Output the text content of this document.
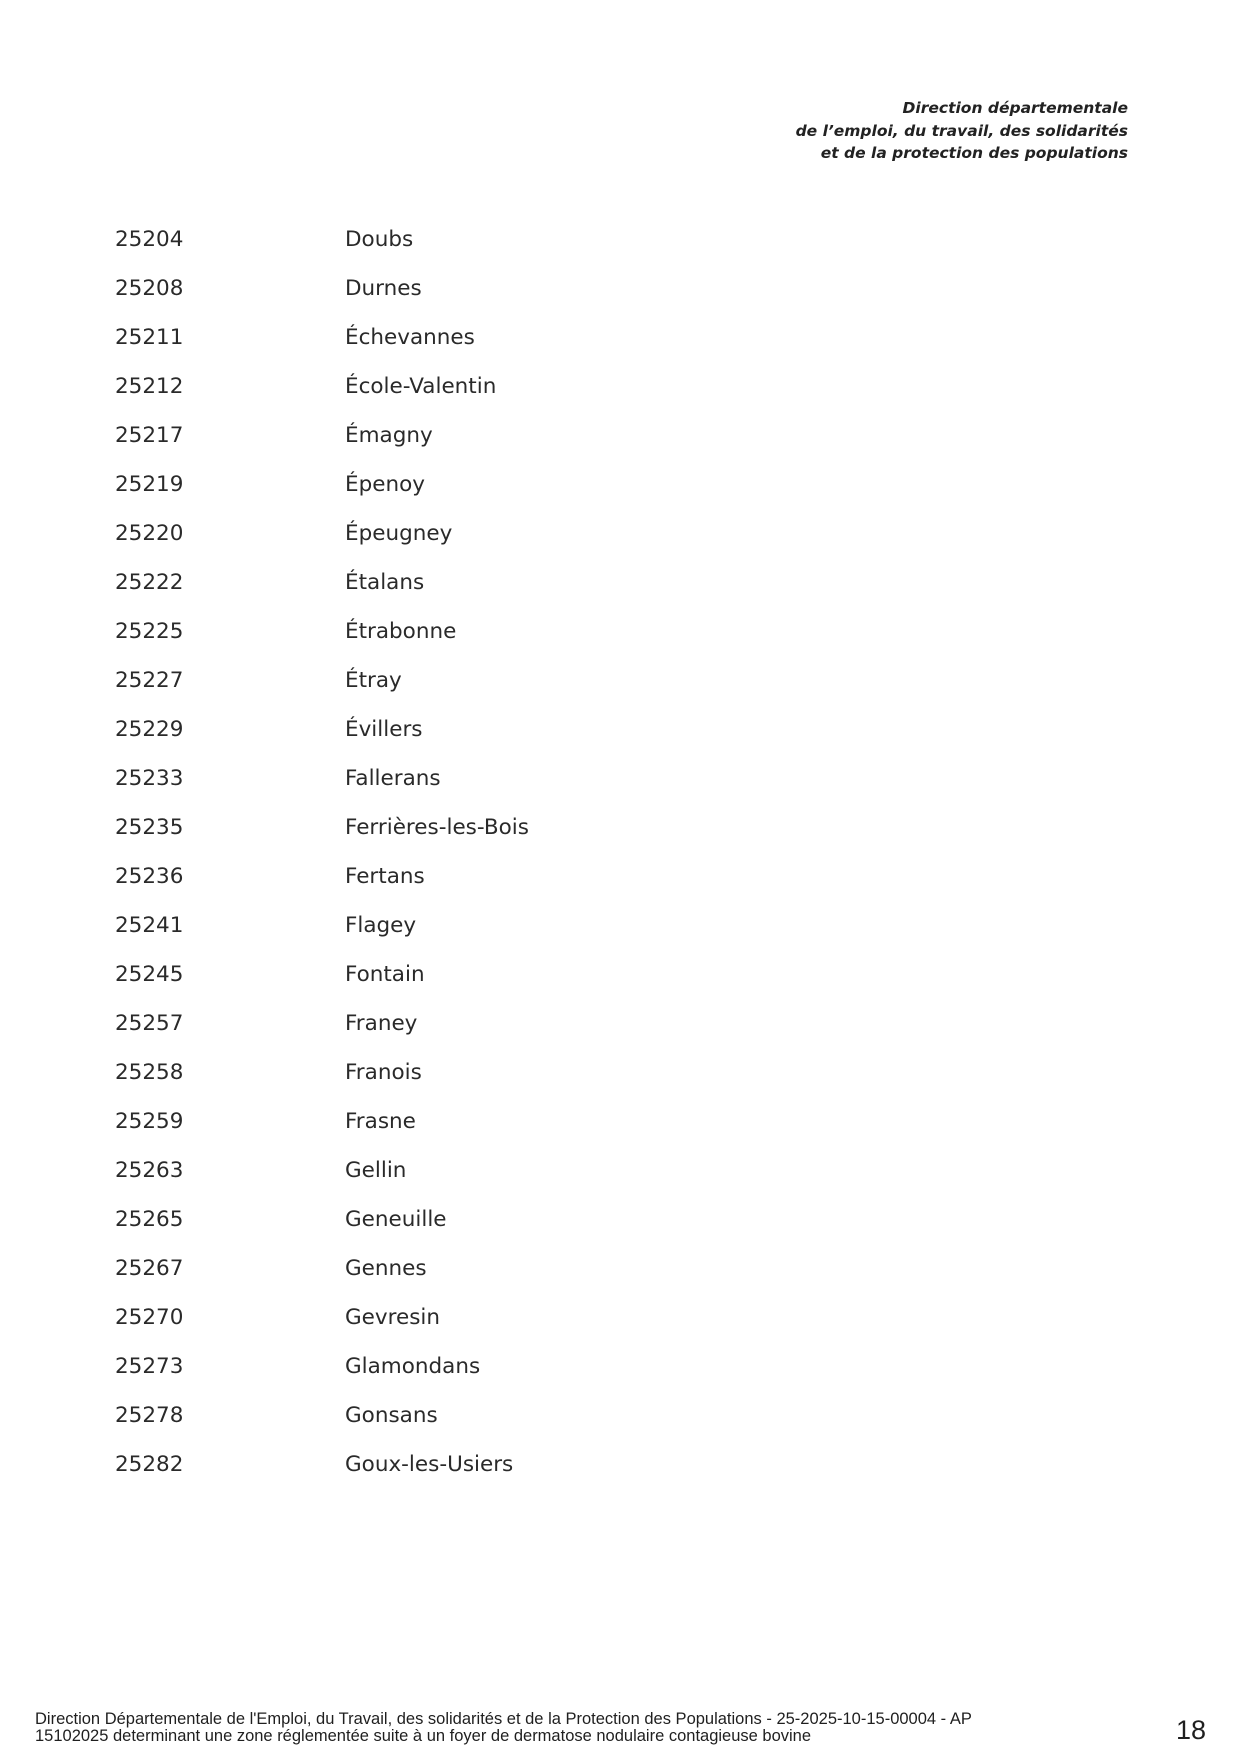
Direction départementale
de l’emploi, du travail, des solidarités
et de la protection des populations
25204	Doubs
25208	Durnes
25211	Échevannes
25212	École-Valentin
25217	Émagny
25219	Épenoy
25220	Épeugney
25222	Étalans
25225	Étrabonne
25227	Étray
25229	Évillers
25233	Fallerans
25235	Ferrières-les-Bois
25236	Fertans
25241	Flagey
25245	Fontain
25257	Franey
25258	Franois
25259	Frasne
25263	Gellin
25265	Geneuille
25267	Gennes
25270	Gevresin
25273	Glamondans
25278	Gonsans
25282	Goux-les-Usiers
Direction Départementale de l'Emploi, du Travail, des solidarités et de la Protection des Populations - 25-2025-10-15-00004 - AP
15102025 determinant une zone réglementée suite à un foyer de dermatose nodulaire contagieuse bovine	18
